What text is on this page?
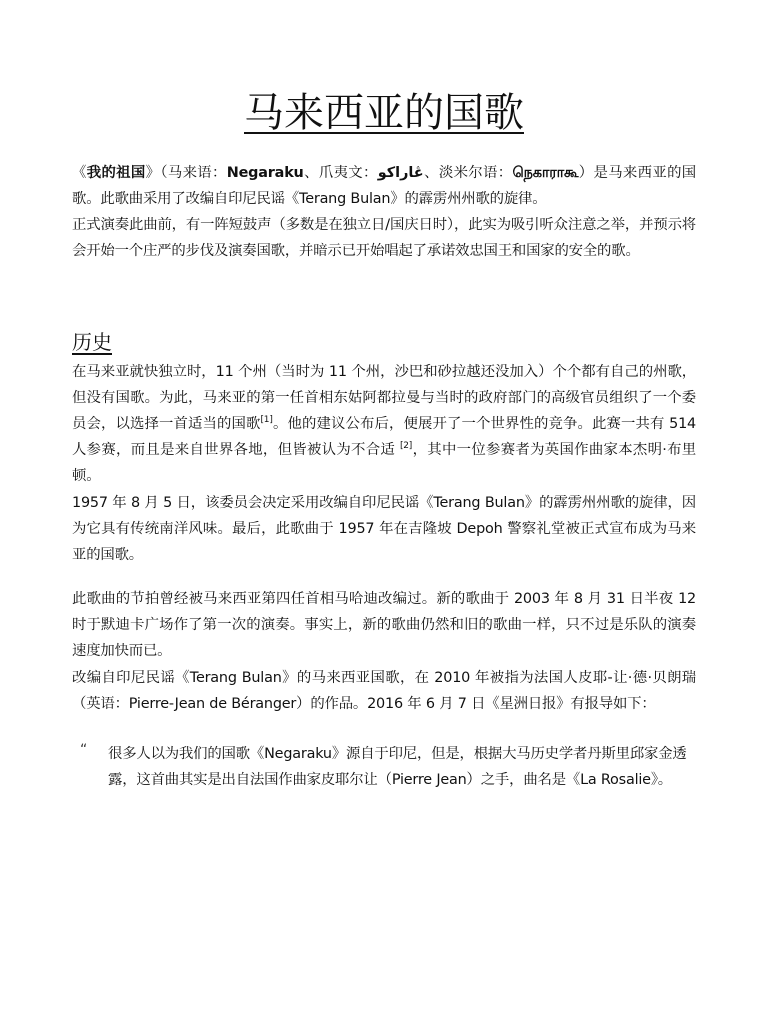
马来西亚的国歌

《我的祖国》（马来语：Negaraku、爪夷文：ڠاراکو、淡米尔语：நெகாராகூ）是马来西亚的国歌。此歌曲采用了改编自印尼民谣《Terang Bulan》的霹雳州州歌的旋律。

正式演奏此曲前，有一阵短鼓声（多数是在独立日/国庆日时），此实为吸引听众注意之举，并预示将会开始一个庄严的步伐及演奏国歌，并暗示已开始唱起了承诺效忠国王和国家的安全的歌。

历史

在马来亚就快独立时，11 个州（当时为 11 个州，沙巴和砂拉越还没加入）个个都有自己的州歌，但没有国歌。为此，马来亚的第一任首相东姑阿都拉曼与当时的政府部门的高级官员组织了一个委员会，以选择一首适当的国歌[1]。他的建议公布后，便展开了一个世界性的竞争。此赛一共有 514 人参赛，而且是来自世界各地，但皆被认为不合适 [2]，其中一位参赛者为英国作曲家本杰明·布里顿。

1957 年 8 月 5 日，该委员会决定采用改编自印尼民谣《Terang Bulan》的霹雳州州歌的旋律，因为它具有传统南洋风味。最后，此歌曲于 1957 年在吉隆坡 Depoh 警察礼堂被正式宣布成为马来亚的国歌。

此歌曲的节拍曾经被马来西亚第四任首相马哈迪改编过。新的歌曲于 2003 年 8 月 31 日半夜 12 时于默迪卡广场作了第一次的演奏。事实上，新的歌曲仍然和旧的歌曲一样，只不过是乐队的演奏速度加快而已。

改编自印尼民谣《Terang Bulan》的马来西亚国歌，在 2010 年被指为法国人皮耶-让·德·贝朗瑞（英语：Pierre-Jean de Béranger）的作品。2016 年 6 月 7 日《星洲日报》有报导如下：

“ 很多人以为我们的国歌《Negaraku》源自于印尼，但是，根据大马历史学者丹斯里邱家金透露，这首曲其实是出自法国作曲家皮耶尔让（Pierre Jean）之手，曲名是《La Rosalie》。
